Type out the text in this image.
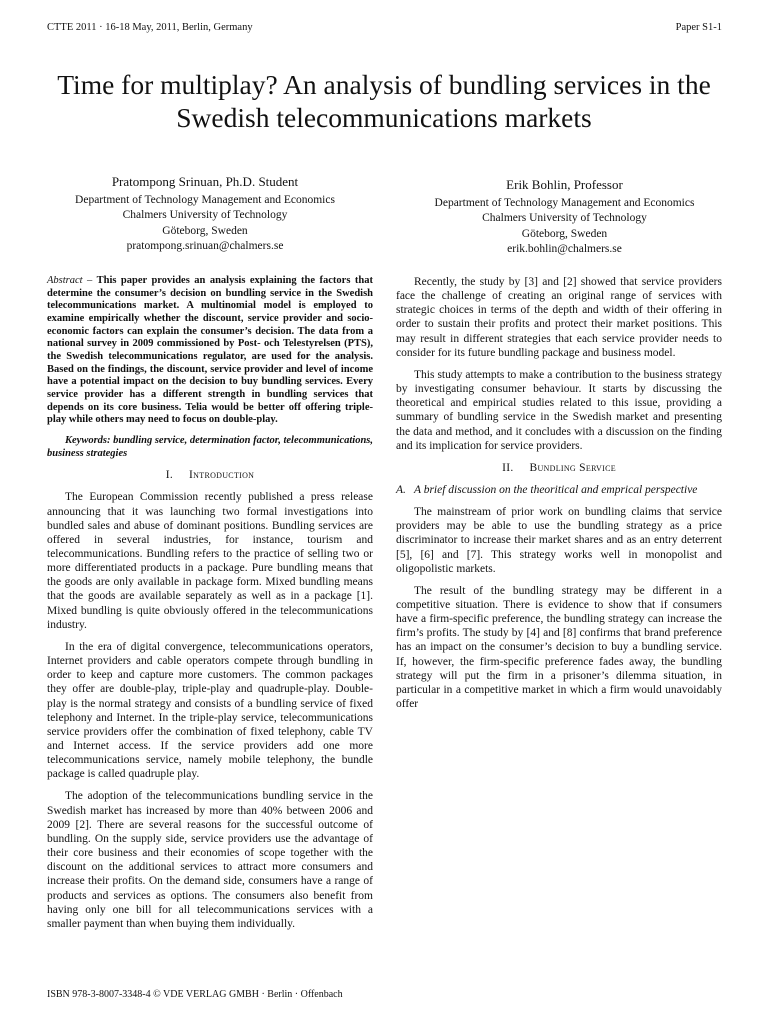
CTTE 2011 · 16-18 May, 2011, Berlin, Germany	Paper S1-1
Time for multiplay? An analysis of bundling services in the Swedish telecommunications markets
Pratompong Srinuan, Ph.D. Student
Department of Technology Management and Economics
Chalmers University of Technology
Göteborg, Sweden
pratompong.srinuan@chalmers.se
Erik Bohlin, Professor
Department of Technology Management and Economics
Chalmers University of Technology
Göteborg, Sweden
erik.bohlin@chalmers.se

Abstract – This paper provides an analysis explaining the factors that determine the consumer’s decision on bundling service in the Swedish telecommunications market. A multinomial model is employed to examine empirically whether the discount, service provider and socio-economic factors can explain the consumer’s decision. The data from a national survey in 2009 commissioned by Post- och Telestyrelsen (PTS), the Swedish telecommunications regulator, are used for the analysis. Based on the findings, the discount, service provider and level of income have a potential impact on the decision to buy bundling services. Every service provider has a different strength in bundling services that depends on its core business. Telia would be better off offering triple-play while others may need to focus on double-play.

Keywords: bundling service, determination factor, telecommunications, business strategies

I. Introduction

The European Commission recently published a press release announcing that it was launching two formal investigations into bundled sales and abuse of dominant positions. Bundling services are offered in several industries, for instance, tourism and telecommunications. Bundling refers to the practice of selling two or more differentiated products in a package. Pure bundling means that the goods are only available in package form. Mixed bundling means that the goods are available separately as well as in a package [1]. Mixed bundling is quite obviously offered in the telecommunications industry.

In the era of digital convergence, telecommunications operators, Internet providers and cable operators compete through bundling in order to keep and capture more customers. The common packages they offer are double-play, triple-play and quadruple-play. Double-play is the normal strategy and consists of a bundling service of fixed telephony and Internet. In the triple-play service, telecommunications service providers offer the combination of fixed telephony, cable TV and Internet access. If the service providers add one more telecommunications service, namely mobile telephony, the bundle package is called quadruple play.

The adoption of the telecommunications bundling service in the Swedish market has increased by more than 40% between 2006 and 2009 [2]. There are several reasons for the successful outcome of bundling. On the supply side, service providers use the advantage of their core business and their economies of scope together with the discount on the additional services to attract more consumers and increase their profits. On the demand side, consumers have a range of products and services as options. The consumers also benefit from having only one bill for all telecommunications services with a smaller payment than when buying them individually.

Recently, the study by [3] and [2] showed that service providers face the challenge of creating an original range of services with strategic choices in terms of the depth and width of their offering in order to sustain their profits and protect their market positions. This may result in different strategies that each service provider needs to consider for its future bundling package and business model.

This study attempts to make a contribution to the business strategy by investigating consumer behaviour. It starts by discussing the theoretical and empirical studies related to this issue, providing a summary of bundling service in the Swedish market and presenting the data and method, and it concludes with a discussion on the finding and its implication for service providers.

II. Bundling Service
A. A brief discussion on the theoritical and emprical perspective

The mainstream of prior work on bundling claims that service providers may be able to use the bundling strategy as a price discriminator to increase their market shares and as an entry deterrent [5], [6] and [7]. This strategy works well in monopolist and oligopolistic markets.

The result of the bundling strategy may be different in a competitive situation. There is evidence to show that if consumers have a firm-specific preference, the bundling strategy can increase the firm’s profits. The study by [4] and [8] confirms that brand preference has an impact on the consumer’s decision to buy a bundling service. If, however, the firm-specific preference fades away, the bundling strategy will put the firm in a prisoner’s dilemma situation, in particular in a competitive market in which a firm would unavoidably offer

ISBN 978-3-8007-3348-4 © VDE VERLAG GMBH · Berlin · Offenbach
